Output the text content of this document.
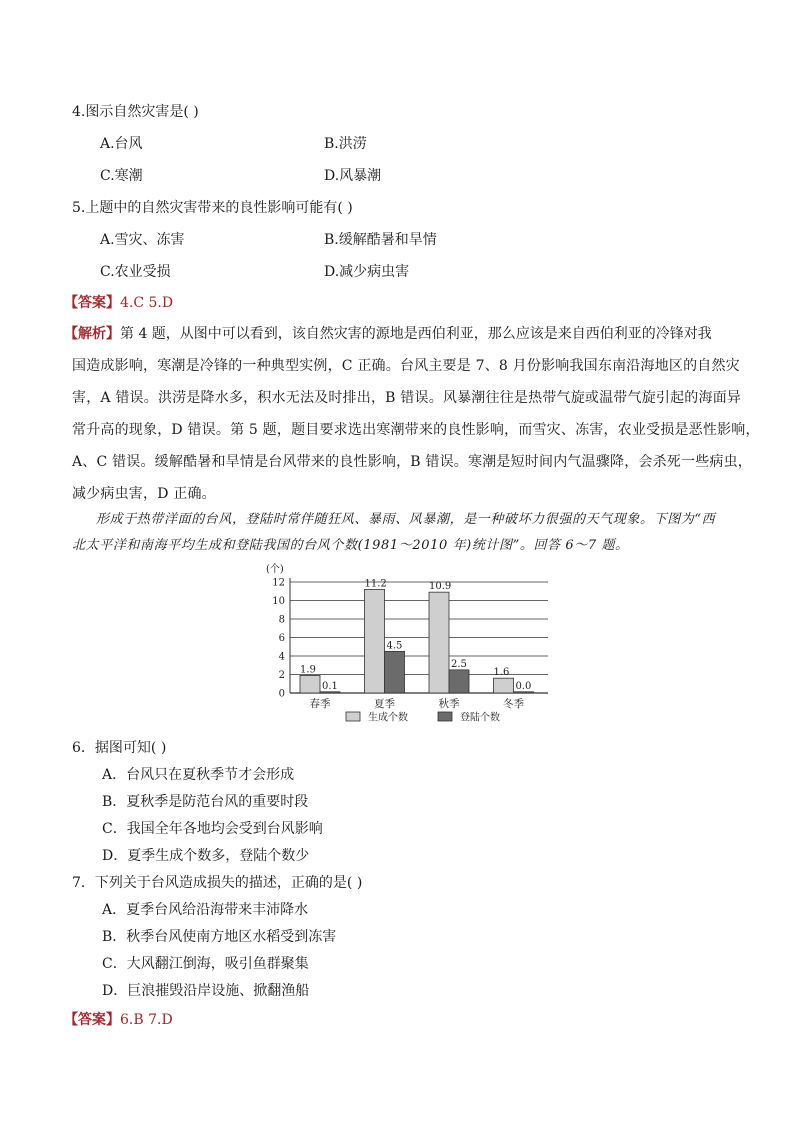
4.图示自然灾害是( )
A.台风	B.洪涝
C.寒潮	D.风暴潮
5.上题中的自然灾害带来的良性影响可能有( )
A.雪灾、冻害	B.缓解酷暑和旱情
C.农业受损	D.减少病虫害
【答案】4.C 5.D
【解析】第 4 题，从图中可以看到，该自然灾害的源地是西伯利亚，那么应该是来自西伯利亚的冷锋对我
国造成影响，寒潮是冷锋的一种典型实例，C 正确。台风主要是 7、8 月份影响我国东南沿海地区的自然灾
害，A 错误。洪涝是降水多，积水无法及时排出，B 错误。风暴潮往往是热带气旋或温带气旋引起的海面异
常升高的现象，D 错误。第 5 题，题目要求选出寒潮带来的良性影响，而雪灾、冻害，农业受损是恶性影响，
A、C 错误。缓解酷暑和旱情是台风带来的良性影响，B 错误。寒潮是短时间内气温骤降，会杀死一些病虫，
减少病虫害，D 正确。
形成于热带洋面的台风，登陆时常伴随狂风、暴雨、风暴潮，是一种破坏力很强的天气现象。下图为“西
北太平洋和南海平均生成和登陆我国的台风个数(1981～2010 年)统计图”。回答 6～7 题。
0
2
4
6
8
10
12
1.9
0.1
11.2
4.5
10.9
2.5
1.6
0.0
春季	夏季	秋季	冬季
(个)
生成个数	登陆个数
6．据图可知( )
A．台风只在夏秋季节才会形成
B．夏秋季是防范台风的重要时段
C．我国全年各地均会受到台风影响
D．夏季生成个数多，登陆个数少
7．下列关于台风造成损失的描述，正确的是( )
A．夏季台风给沿海带来丰沛降水
B．秋季台风使南方地区水稻受到冻害
C．大风翻江倒海，吸引鱼群聚集
D．巨浪摧毁沿岸设施、掀翻渔船
【答案】6.B 7.D
